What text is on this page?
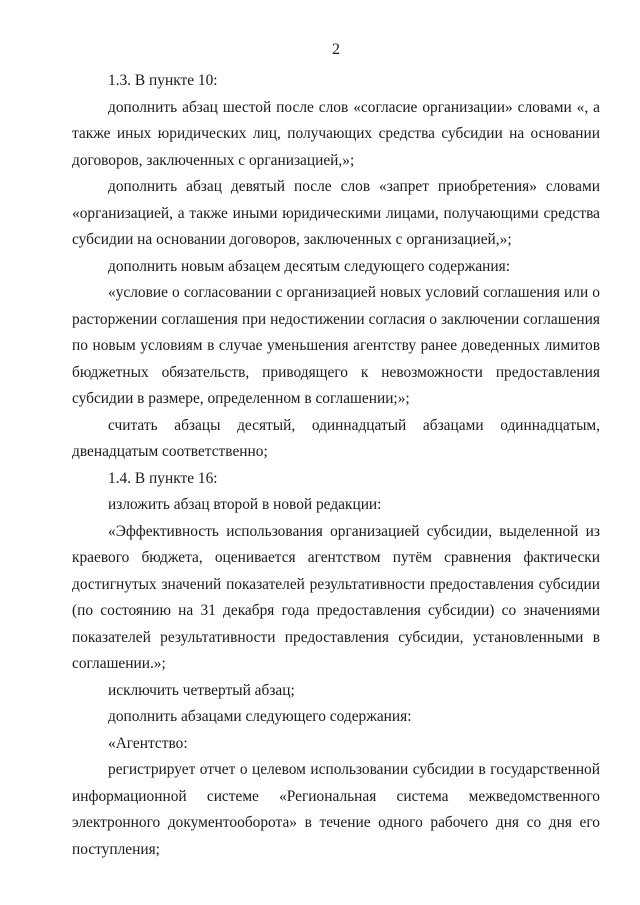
2

1.3. В пункте 10:

дополнить абзац шестой после слов «согласие организации» словами «, а также иных юридических лиц, получающих средства субсидии на основании договоров, заключенных с организацией,»;

дополнить абзац девятый после слов «запрет приобретения» словами «организацией, а также иными юридическими лицами, получающими средства субсидии на основании договоров, заключенных с организацией,»;

дополнить новым абзацем десятым следующего содержания:

«условие о согласовании с организацией новых условий соглашения или о расторжении соглашения при недостижении согласия о заключении соглашения по новым условиям в случае уменьшения агентству ранее доведенных лимитов бюджетных обязательств, приводящего к невозможности предоставления субсидии в размере, определенном в соглашении;»;

считать абзацы десятый, одиннадцатый абзацами одиннадцатым, двенадцатым соответственно;

1.4. В пункте 16:

изложить абзац второй в новой редакции:

«Эффективность использования организацией субсидии, выделенной из краевого бюджета, оценивается агентством путём сравнения фактически достигнутых значений показателей результативности предоставления субсидии (по состоянию на 31 декабря года предоставления субсидии) со значениями показателей результативности предоставления субсидии, установленными в соглашении.»;

исключить четвертый абзац;

дополнить абзацами следующего содержания:

«Агентство:

регистрирует отчет о целевом использовании субсидии в государственной информационной системе «Региональная система межведомственного электронного документооборота» в течение одного рабочего дня со дня его поступления;
